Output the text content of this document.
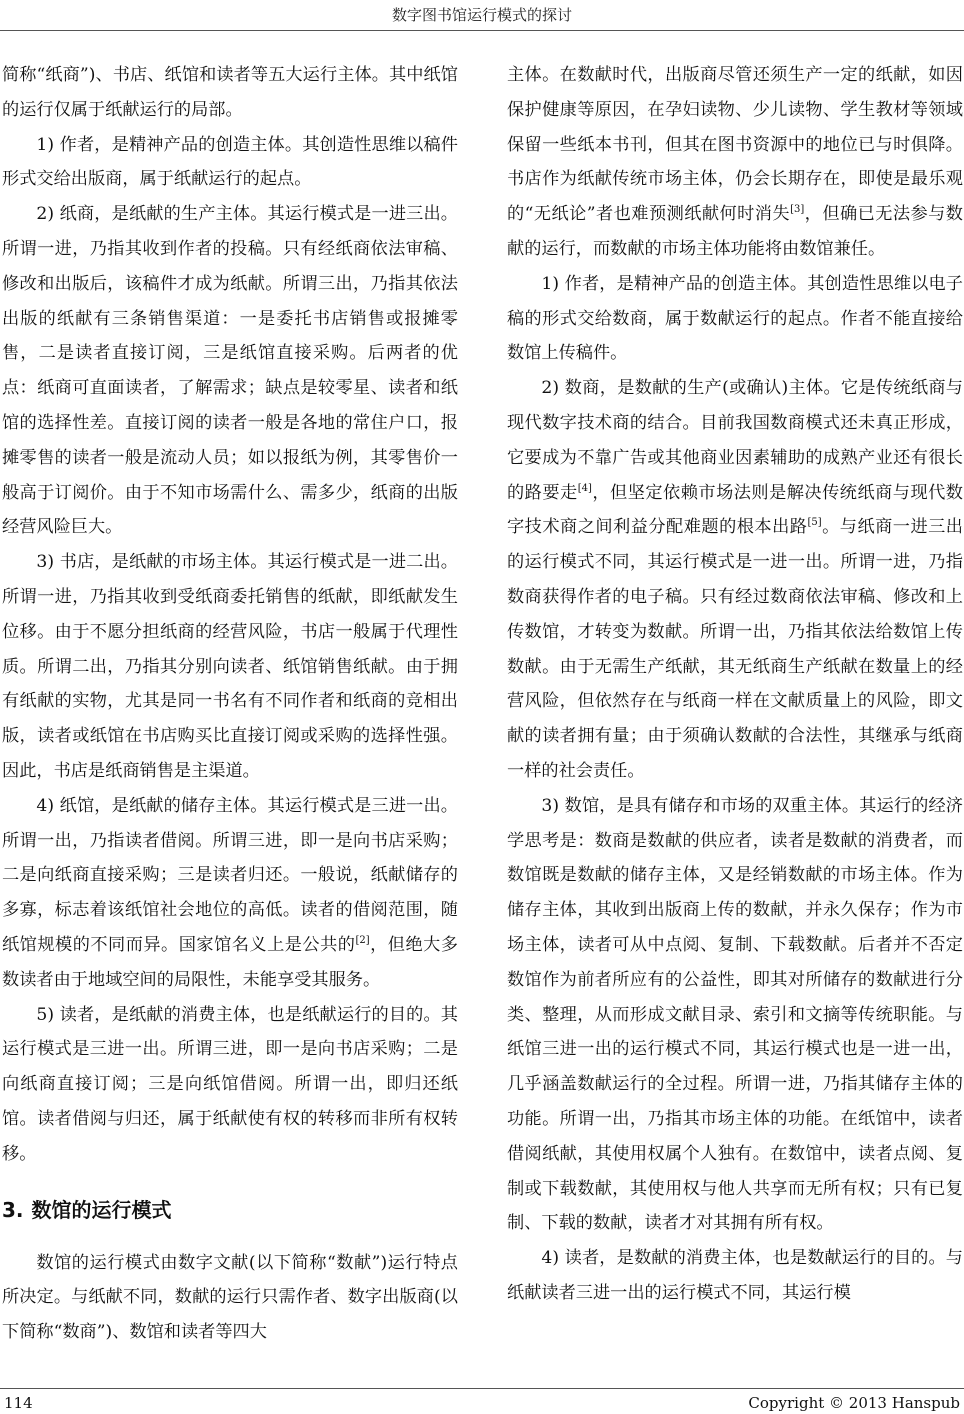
数字图书馆运行模式的探讨

简称“纸商”)、书店、纸馆和读者等五大运行主体。其中纸馆的运行仅属于纸献运行的局部。

1) 作者，是精神产品的创造主体。其创造性思维以稿件形式交给出版商，属于纸献运行的起点。

2) 纸商，是纸献的生产主体。其运行模式是一进三出。所谓一进，乃指其收到作者的投稿。只有经纸商依法审稿、修改和出版后，该稿件才成为纸献。所谓三出，乃指其依法出版的纸献有三条销售渠道：一是委托书店销售或报摊零售，二是读者直接订阅，三是纸馆直接采购。后两者的优点：纸商可直面读者，了解需求；缺点是较零星、读者和纸馆的选择性差。直接订阅的读者一般是各地的常住户口，报摊零售的读者一般是流动人员；如以报纸为例，其零售价一般高于订阅价。由于不知市场需什么、需多少，纸商的出版经营风险巨大。

3) 书店，是纸献的市场主体。其运行模式是一进二出。所谓一进，乃指其收到受纸商委托销售的纸献，即纸献发生位移。由于不愿分担纸商的经营风险，书店一般属于代理性质。所谓二出，乃指其分别向读者、纸馆销售纸献。由于拥有纸献的实物，尤其是同一书名有不同作者和纸商的竞相出版，读者或纸馆在书店购买比直接订阅或采购的选择性强。因此，书店是纸商销售是主渠道。

4) 纸馆，是纸献的储存主体。其运行模式是三进一出。所谓一出，乃指读者借阅。所谓三进，即一是向书店采购；二是向纸商直接采购；三是读者归还。一般说，纸献储存的多寡，标志着该纸馆社会地位的高低。读者的借阅范围，随纸馆规模的不同而异。国家馆名义上是公共的[2]，但绝大多数读者由于地域空间的局限性，未能享受其服务。

5) 读者，是纸献的消费主体，也是纸献运行的目的。其运行模式是三进一出。所谓三进，即一是向书店采购；二是向纸商直接订阅；三是向纸馆借阅。所谓一出，即归还纸馆。读者借阅与归还，属于纸献使有权的转移而非所有权转移。

3. 数馆的运行模式

数馆的运行模式由数字文献(以下简称“数献”)运行特点所决定。与纸献不同，数献的运行只需作者、数字出版商(以下简称“数商”)、数馆和读者等四大

主体。在数献时代，出版商尽管还须生产一定的纸献，如因保护健康等原因，在孕妇读物、少儿读物、学生教材等领域保留一些纸本书刊，但其在图书资源中的地位已与时俱降。书店作为纸献传统市场主体，仍会长期存在，即使是最乐观的“无纸论”者也难预测纸献何时消失[3]，但确已无法参与数献的运行，而数献的市场主体功能将由数馆兼任。

1) 作者，是精神产品的创造主体。其创造性思维以电子稿的形式交给数商，属于数献运行的起点。作者不能直接给数馆上传稿件。

2) 数商，是数献的生产(或确认)主体。它是传统纸商与现代数字技术商的结合。目前我国数商模式还未真正形成，它要成为不靠广告或其他商业因素辅助的成熟产业还有很长的路要走[4]，但坚定依赖市场法则是解决传统纸商与现代数字技术商之间利益分配难题的根本出路[5]。与纸商一进三出的运行模式不同，其运行模式是一进一出。所谓一进，乃指数商获得作者的电子稿。只有经过数商依法审稿、修改和上传数馆，才转变为数献。所谓一出，乃指其依法给数馆上传数献。由于无需生产纸献，其无纸商生产纸献在数量上的经营风险，但依然存在与纸商一样在文献质量上的风险，即文献的读者拥有量；由于须确认数献的合法性，其继承与纸商一样的社会责任。

3) 数馆，是具有储存和市场的双重主体。其运行的经济学思考是：数商是数献的供应者，读者是数献的消费者，而数馆既是数献的储存主体，又是经销数献的市场主体。作为储存主体，其收到出版商上传的数献，并永久保存；作为市场主体，读者可从中点阅、复制、下载数献。后者并不否定数馆作为前者所应有的公益性，即其对所储存的数献进行分类、整理，从而形成文献目录、索引和文摘等传统职能。与纸馆三进一出的运行模式不同，其运行模式也是一进一出，几乎涵盖数献运行的全过程。所谓一进，乃指其储存主体的功能。所谓一出，乃指其市场主体的功能。在纸馆中，读者借阅纸献，其使用权属个人独有。在数馆中，读者点阅、复制或下载数献，其使用权与他人共享而无所有权；只有已复制、下载的数献，读者才对其拥有所有权。

4) 读者，是数献的消费主体，也是数献运行的目的。与纸献读者三进一出的运行模式不同，其运行模

114	Copyright © 2013 Hanspub
